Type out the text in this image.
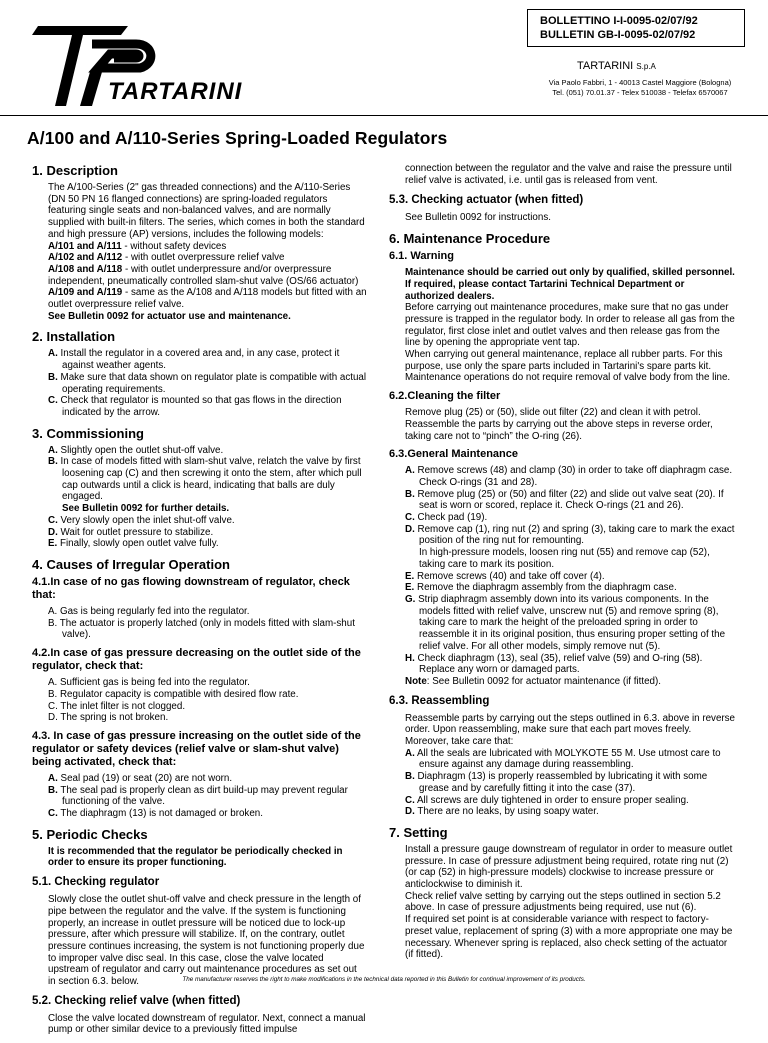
BOLLETTINO I-I-0095-02/07/92
BULLETIN GB-I-0095-02/07/92
TARTARINI
TARTARINI S.p.A
Via Paolo Fabbri, 1 - 40013 Castel Maggiore (Bologna)
Tel. (051) 70.01.37 - Telex 510038 - Telefax 6570067
A/100 and A/110-Series Spring-Loaded Regulators
1. Description

The A/100-Series (2" gas threaded connections) and the A/110-Series (DN 50 PN 16 flanged connections) are spring-loaded regulators featuring single seats and non-balanced valves, and are normally supplied with built-in filters. The series, which comes in both the standard and high pressure (AP) versions, includes the following models:

A/101 and A/111 - without safety devices

A/102 and A/112 - with outlet overpressure relief valve

A/108 and A/118 - with outlet underpressure and/or overpressure independent, pneumatically controlled slam-shut valve (OS/66 actuator)

A/109 and A/119 - same as the A/108 and A/118 models but fitted with an outlet overpressure relief valve.

See Bulletin 0092 for actuator use and maintenance.

2. Installation

A. Install the regulator in a covered area and, in any case, protect it against weather agents.

B. Make sure that data shown on regulator plate is compatible with actual operating requirements.

C. Check that regulator is mounted so that gas flows in the direction indicated by the arrow.

3. Commissioning

A. Slightly open the outlet shut-off valve.

B. In case of models fitted with slam-shut valve, relatch the valve by first loosening cap (C) and then screwing it onto the stem, after which pull cap outwards until a click is heard, indicating that balls are duly engaged.

See Bulletin 0092 for further details.

C. Very slowly open the inlet shut-off valve.

D. Wait for outlet pressure to stabilize.

E. Finally, slowly open outlet valve fully.

4. Causes of Irregular Operation
4.1.In case of no gas flowing downstream of regulator, check that:

A. Gas is being regularly fed into the regulator.

B. The actuator is properly latched (only in models fitted with slam-shut valve).

4.2.In case of gas pressure decreasing on the outlet side of the regulator, check that:

A. Sufficient gas is being fed into the regulator.

B. Regulator capacity is compatible with desired flow rate.

C. The inlet filter is not clogged.

D. The spring is not broken.

4.3. In case of gas pressure increasing on the outlet side of the regulator or safety devices (relief valve or slam-shut valve) being activated, check that:

A. Seal pad (19) or seat (20) are not worn.

B. The seal pad is properly clean as dirt build-up may prevent regular functioning of the valve.

C. The diaphragm (13) is not damaged or broken.

5. Periodic Checks

It is recommended that the regulator be periodically checked in order to ensure its proper functioning.

5.1. Checking regulator

Slowly close the outlet shut-off valve and check pressure in the length of pipe between the regulator and the valve. If the system is functioning properly, an increase in outlet pressure will be noticed due to lock-up pressure, after which pressure will stabilize. If, on the contrary, outlet pressure continues increasing, the system is not functioning properly due to improper valve disc seal. In this case, close the valve located upstream of regulator and carry out maintenance procedures as set out in section 6.3. below.

5.2. Checking relief valve (when fitted)

Close the valve located downstream of regulator. Next, connect a manual pump or other similar device to a previously fitted impulse

connection between the regulator and the valve and raise the pressure until relief valve is activated, i.e. until gas is released from vent.

5.3. Checking actuator (when fitted)

See Bulletin 0092 for instructions.

6. Maintenance Procedure
6.1. Warning

Maintenance should be carried out only by qualified, skilled personnel. If required, please contact Tartarini Technical Department or authorized dealers.

Before carrying out maintenance procedures, make sure that no gas under pressure is trapped in the regulator body. In order to release all gas from the regulator, first close inlet and outlet valves and then release gas from the line by opening the appropriate vent tap.

When carrying out general maintenance, replace all rubber parts. For this purpose, use only the spare parts included in Tartarini's spare parts kit.

Maintenance operations do not require removal of valve body from the line.

6.2.Cleaning the filter

Remove plug (25) or (50), slide out filter (22) and clean it with petrol. Reassemble the parts by carrying out the above steps in reverse order, taking care not to “pinch” the O-ring (26).

6.3.General Maintenance

A. Remove screws (48) and clamp (30) in order to take off diaphragm case. Check O-rings (31 and 28).

B. Remove plug (25) or (50) and filter (22) and slide out valve seat (20). If seat is worn or scored, replace it. Check O-rings (21 and 26).

C. Check pad (19).

D. Remove cap (1), ring nut (2) and spring (3), taking care to mark the exact position of the ring nut for remounting.

In high-pressure models, loosen ring nut (55) and remove cap (52), taking care to mark its position.

E. Remove screws (40) and take off cover (4).

E. Remove the diaphragm assembly from the diaphragm case.

G. Strip diaphragm assembly down into its various components. In the models fitted with relief valve, unscrew nut (5) and remove spring (8), taking care to mark the height of the preloaded spring in order to reassemble it in its original position, thus ensuring proper setting of the relief valve. For all other models, simply remove nut (5).

H. Check diaphragm (13), seal (35), relief valve (59) and O-ring (58). Replace any worn or damaged parts.

Note: See Bulletin 0092 for actuator maintenance (if fitted).

6.3. Reassembling

Reassemble parts by carrying out the steps outlined in 6.3. above in reverse order. Upon reassembling, make sure that each part moves freely. Moreover, take care that:

A. All the seals are lubricated with MOLYKOTE 55 M. Use utmost care to ensure against any damage during reassembling.

B. Diaphragm (13) is properly reassembled by lubricating it with some grease and by carefully fitting it into the case (37).

C. All screws are duly tightened in order to ensure proper sealing.

D. There are no leaks, by using soapy water.

7. Setting

Install a pressure gauge downstream of regulator in order to measure outlet pressure. In case of pressure adjustment being required, rotate ring nut (2) (or cap (52) in high-pressure models) clockwise to increase pressure or anticlockwise to diminish it.

Check relief valve setting by carrying out the steps outlined in section 5.2 above. In case of pressure adjustments being required, use nut (6).

If required set point is at considerable variance with respect to factory-preset value, replacement of spring (3) with a more appropriate one may be necessary. Whenever spring is replaced, also check setting of the actuator (if fitted).

The manufacturer reserves the right to make modifications in the technical data reported in this Bulletin for continual improvement of its products.
